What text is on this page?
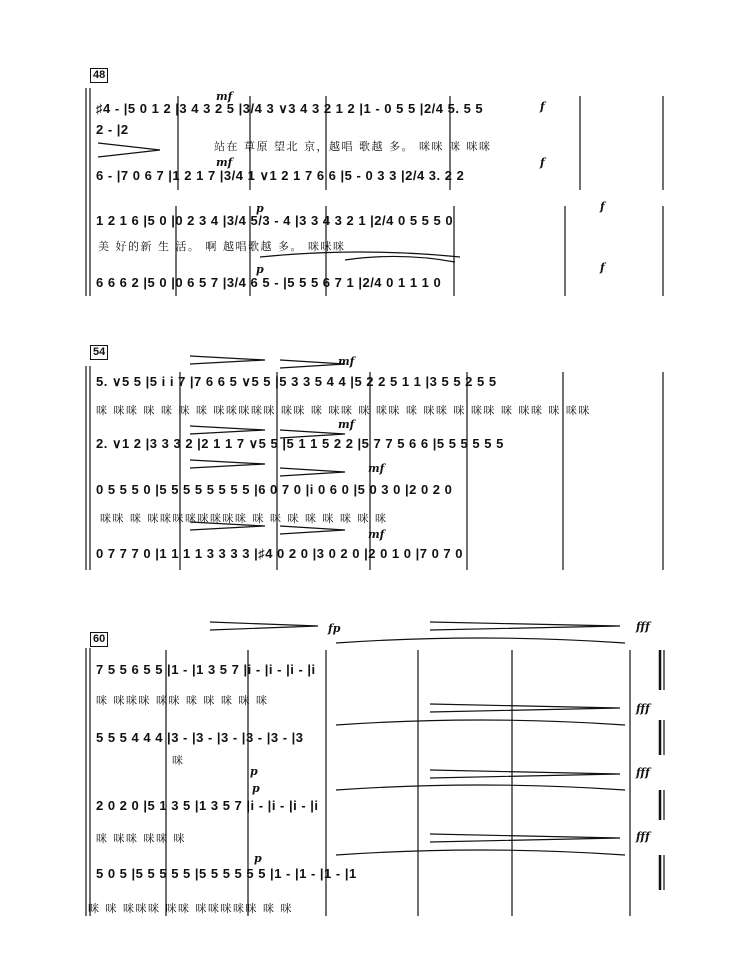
48
54
60
♯4 - |5 0 1 2 |3 4 3 2 5 |3/4 3 ∨3 4 3 2 1 2 |1 - 0 5 5 |2/4 5. 5 5
2 - |2
站在 草原 望北 京，越唱 歌越 多。 咪咪 咪 咪咪
6 - |7 0 6 7 |1 2 1 7 |3/4 1 ∨1 2 1 7 6 6 |5 - 0 3 3 |2/4 3. 2 2
1 2 1 6 |5 0 |0 2 3 4 |3/4 5/3 - 4 |3 3 4 3 2 1 |2/4 0 5 5 5 0
美 好的新 生 活。 啊 越唱歌越 多。 咪咪咪
6 6 6 2 |5 0 |0 6 5 7 |3/4 6 5 - |5 5 5 6 7 1 |2/4 0 1 1 1 0
mf
f
mf	f
p	f
p	f
5. ∨5 5 |5 i i 7 |7 6 6 5 ∨5 5 |5 3 3 5 4 4 |5 2 2 5 1 1 |3 5 5 2 5 5
咪 咪咪 咪 咪 咪 咪 咪咪咪咪咪 咪咪 咪 咪咪 咪 咪咪 咪 咪咪 咪 咪咪 咪 咪咪 咪 咪咪
2. ∨1 2 |3 3 3 2 |2 1 1 7 ∨5 5 |5 1 1 5 2 2 |5 7 7 5 6 6 |5 5 5 5 5 5
0 5 5 5 0 |5 5 5 5 5 5 5 5 |6 0 7 0 |i 0 6 0 |5 0 3 0 |2 0 2 0
咪咪 咪 咪咪咪咪咪咪咪咪 咪 咪 咪 咪 咪 咪 咪 咪
0 7 7 7 0 |1 1 1 1 3 3 3 3 |♯4 0 2 0 |3 0 2 0 |2 0 1 0 |7 0 7 0
mf
mf
mf
mf
7 5 5 6 5 5 |1 - |1 3 5 7 |i - |i - |i - |i
咪 咪咪咪 咪咪 咪 咪 咪 咪 咪
5 5 5 4 4 4 |3 - |3 - |3 - |3 - |3 - |3
咪
2 0 2 0 |5 1 3 5 |1 3 5 7 |i - |i - |i - |i
咪 咪咪 咪咪 咪
5 0 5 |5 5 5 5 5 |5 5 5 5 5 5 |1 - |1 - |1 - |1
咪 咪 咪咪咪 咪咪 咪咪咪咪咪 咪 咪
fp
p
p
p
fff
fff
fff
fff
